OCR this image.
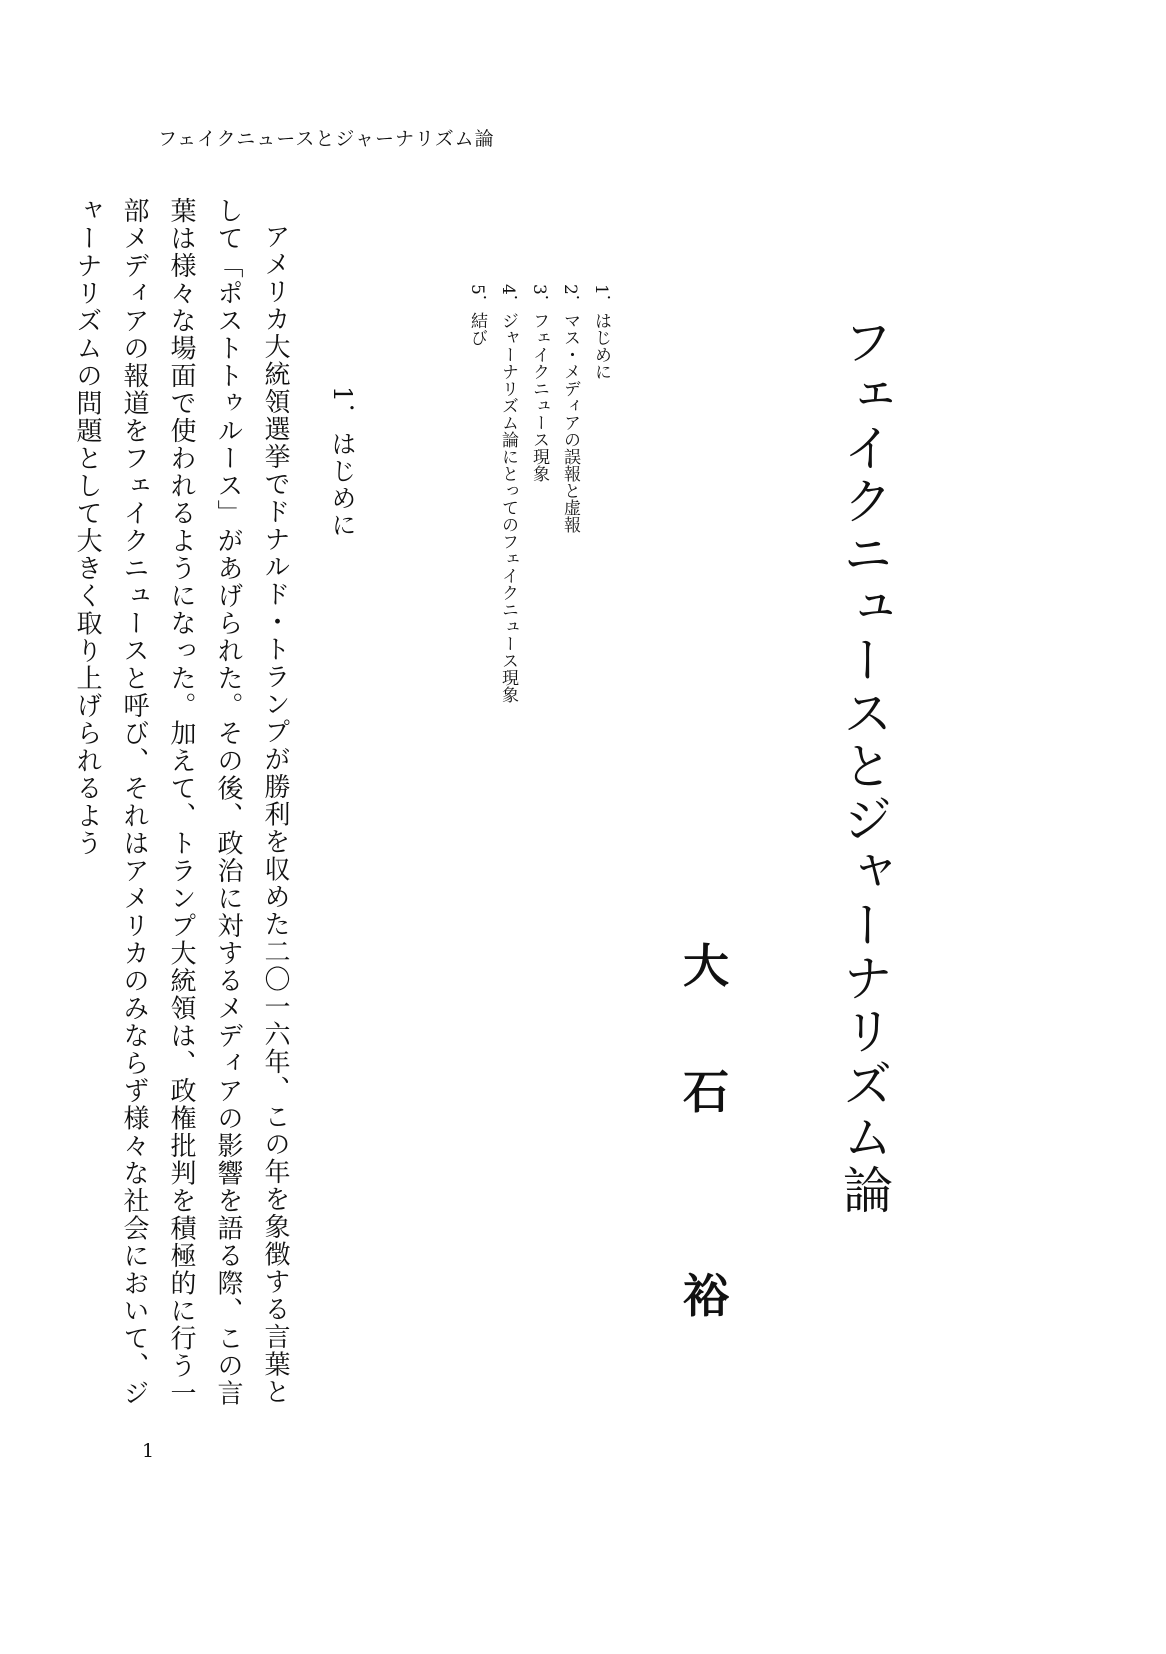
フェイクニュースとジャーナリズム論
フェイクニュースとジャーナリズム論
大
石
裕
1．はじめに
2．マス・メディアの誤報と虚報
3．フェイクニュース現象
4．ジャーナリズム論にとってのフェイクニュース現象
5．結び
1．はじめに
アメリカ大統領選挙でドナルド・トランプが勝利を収めた二〇一六年、この年を象徴する言葉として「ポストトゥルース」があげられた。その後、政治に対するメディアの影響を語る際、この言葉は様々な場面で使われるようになった。加えて、トランプ大統領は、政権批判を積極的に行う一部メディアの報道をフェイクニュースと呼び、それはアメリカのみならず様々な社会において、ジャーナリズムの問題として大きく取り上げられるよう
1
